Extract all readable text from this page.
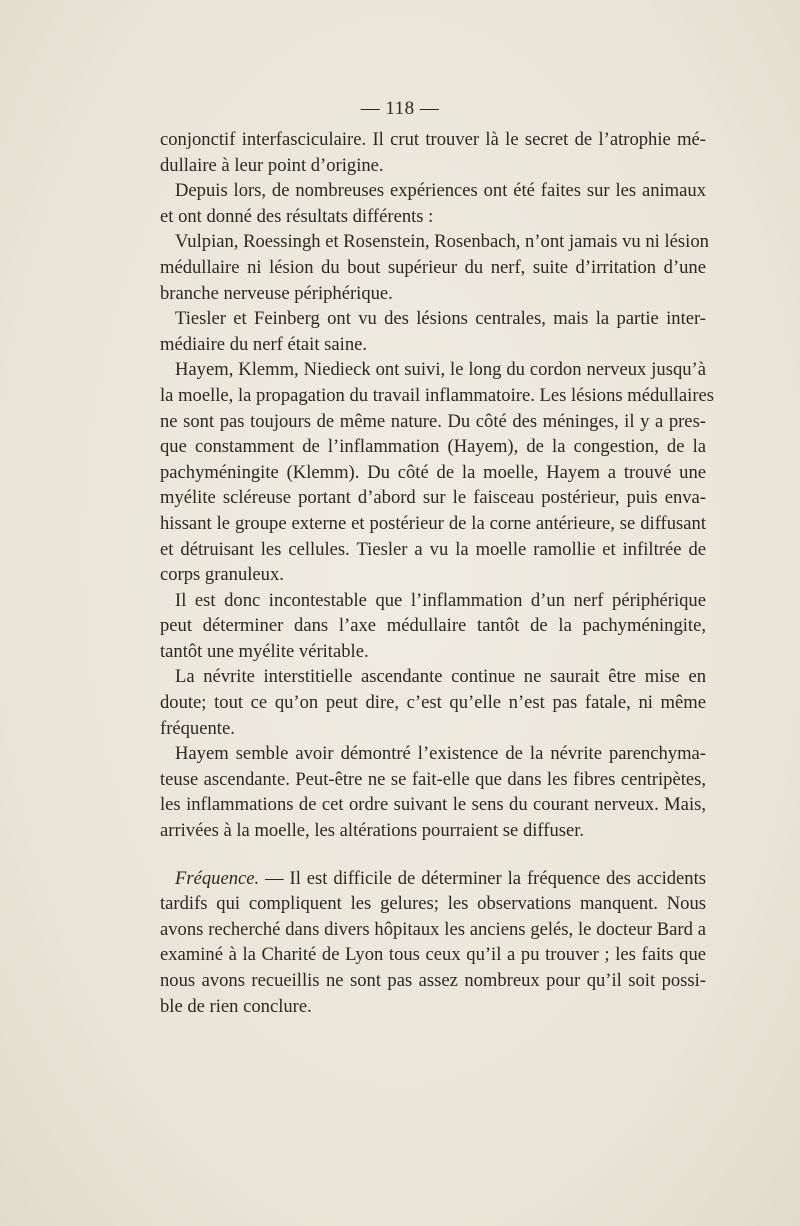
— 118 —
conjonctif interfasciculaire. Il crut trouver là le secret de l’atrophie mé-
dullaire à leur point d’origine.
Depuis lors, de nombreuses expériences ont été faites sur les animaux
et ont donné des résultats différents :
Vulpian, Roessingh et Rosenstein, Rosenbach, n’ont jamais vu ni lésion
médullaire ni lésion du bout supérieur du nerf, suite d’irritation d’une
branche nerveuse périphérique.
Tiesler et Feinberg ont vu des lésions centrales, mais la partie inter-
médiaire du nerf était saine.
Hayem, Klemm, Niedieck ont suivi, le long du cordon nerveux jusqu’à
la moelle, la propagation du travail inflammatoire. Les lésions médullaires
ne sont pas toujours de même nature. Du côté des méninges, il y a pres-
que constamment de l’inflammation (Hayem), de la congestion, de la
pachyméningite (Klemm). Du côté de la moelle, Hayem a trouvé une
myélite scléreuse portant d’abord sur le faisceau postérieur, puis enva-
hissant le groupe externe et postérieur de la corne antérieure, se diffusant
et détruisant les cellules. Tiesler a vu la moelle ramollie et infiltrée de
corps granuleux.
Il est donc incontestable que l’inflammation d’un nerf périphérique
peut déterminer dans l’axe médullaire tantôt de la pachyméningite,
tantôt une myélite véritable.
La névrite interstitielle ascendante continue ne saurait être mise en
doute; tout ce qu’on peut dire, c’est qu’elle n’est pas fatale, ni même
fréquente.
Hayem semble avoir démontré l’existence de la névrite parenchyma-
teuse ascendante. Peut-être ne se fait-elle que dans les fibres centripètes,
les inflammations de cet ordre suivant le sens du courant nerveux. Mais,
arrivées à la moelle, les altérations pourraient se diffuser.
Fréquence. — Il est difficile de déterminer la fréquence des accidents
tardifs qui compliquent les gelures; les observations manquent. Nous
avons recherché dans divers hôpitaux les anciens gelés, le docteur Bard a
examiné à la Charité de Lyon tous ceux qu’il a pu trouver ; les faits que
nous avons recueillis ne sont pas assez nombreux pour qu’il soit possi-
ble de rien conclure.
